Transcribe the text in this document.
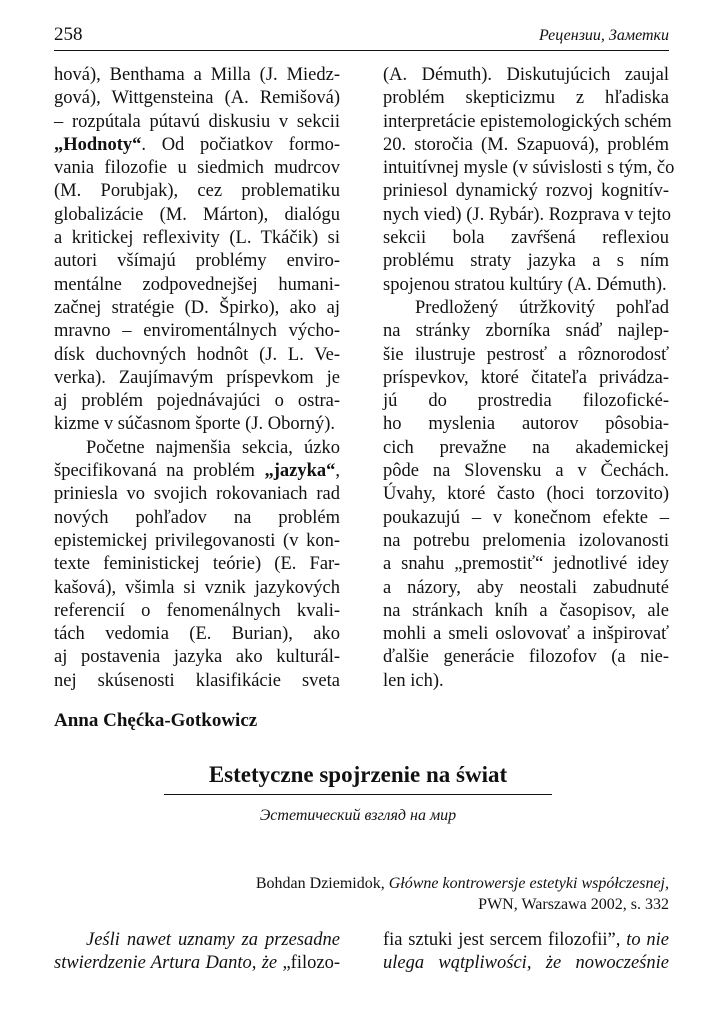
258	Рецензии, Заметки
hová), Benthama a Milla (J. Miedz-
gová), Wittgensteina (A. Remišová)
– rozpútala pútavú diskusiu v sekcii
„Hodnoty“. Od počiatkov formo-
vania filozofie u siedmich mudrcov
(M. Porubjak), cez problematiku
globalizácie (M. Márton), dialógu
a kritickej reflexivity (L. Tkáčik) si
autori všímajú problémy enviro-
mentálne zodpovednejšej humani-
začnej stratégie (D. Špirko), ako aj
mravno – enviromentálnych výcho-
dísk duchovných hodnôt (J. L. Ve-
verka). Zaujímavým príspevkom je
aj problém pojednávajúci o ostra-
kizme v súčasnom športe (J. Oborný).
Početne najmenšia sekcia, úzko
špecifikovaná na problém „jazyka“,
priniesla vo svojich rokovaniach rad
nových pohľadov na problém
epistemickej privilegovanosti (v kon-
texte feministickej teórie) (E. Far-
kašová), všimla si vznik jazykových
referencií o fenomenálnych kvali-
tách vedomia (E. Burian), ako
aj postavenia jazyka ako kulturál-
nej skúsenosti klasifikácie sveta
(A. Démuth). Diskutujúcich zaujal
problém skepticizmu z hľadiska
interpretácie epistemologických schém
20. storočia (M. Szapuová), problém
intuitívnej mysle (v súvislosti s tým, čo
priniesol dynamický rozvoj kognitív-
nych vied) (J. Rybár). Rozprava v tejto
sekcii bola zavŕšená reflexiou
problému straty jazyka a s ním
spojenou stratou kultúry (A. Démuth).
Predložený útržkovitý pohľad
na stránky zborníka snáď najlep-
šie ilustruje pestrosť a rôznorodosť
príspevkov, ktoré čitateľa privádza-
jú do prostredia filozofické-
ho myslenia autorov pôsobia-
cich prevažne na akademickej
pôde na Slovensku a v Čechách.
Úvahy, ktoré často (hoci torzovito)
poukazujú – v konečnom efekte –
na potrebu prelomenia izolovanosti
a snahu „premostiť“ jednotlivé idey
a názory, aby neostali zabudnuté
na stránkach kníh a časopisov, ale
mohli a smeli oslovovať a inšpirovať
ďalšie generácie filozofov (a nie-
len ich).
Anna Chęćka-Gotkowicz
Estetyczne spojrzenie na świat
Эстетический взгляд на мир
Bohdan Dziemidok, Główne kontrowersje estetyki współczesnej,
PWN, Warszawa 2002, s. 332
Jeśli nawet uznamy za przesadne
stwierdzenie Artura Danto, że „filozo-
fia sztuki jest sercem filozofii”, to nie
ulega wątpliwości, że nowocześnie
